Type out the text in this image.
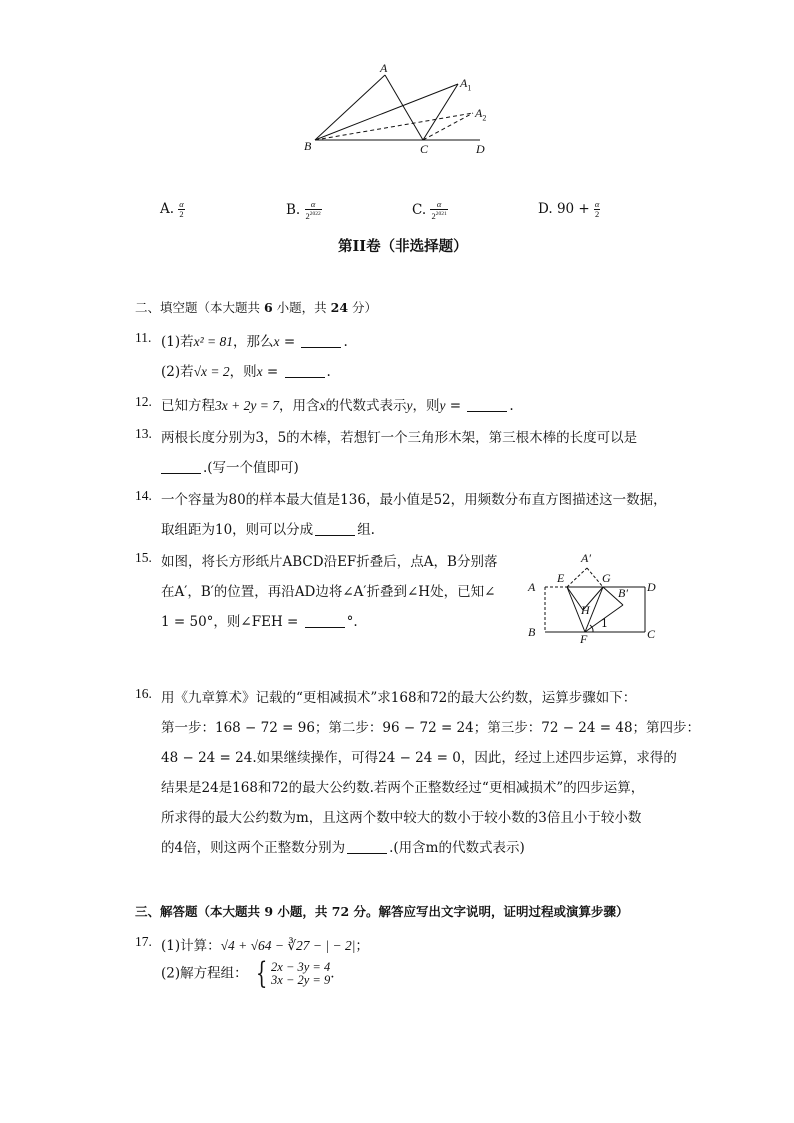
A
$A_1$
$A_2$
B	C	D
A. $\frac{\alpha}{2}$	B. $\frac{\alpha}{2^{2022}}$	C. $\frac{\alpha}{2^{2021}}$	D. $90 + \frac{\alpha}{2}$
第II卷（非选择题）
二、填空题（本大题共 6 小题，共 24 分）
11. (1)若x² = 81，那么x =	.
(2)若√x = 2，则x =	.
12. 已知方程3x + 2y = 7，用含x的代数式表示y，则y =	.
13. 两根长度分别为3，5的木棒，若想钉一个三角形木架，第三根木棒的长度可以是
.(写一个值即可)
14. 一个容量为80的样本最大值是136，最小值是52，用频数分布直方图描述这一数据，
取组距为10，则可以分成	组.
15. 如图，将长方形纸片ABCD沿EF折叠后，点A，B分别落
在A′，B′的位置，再沿AD边将∠A′折叠到∠H处，已知∠
1 = 50°，则∠FEH =	°.
A′
A
E	G
D
H
B′
1
B	F	C
16. 用《九章算术》记载的“更相减损术”求168和72的最大公约数，运算步骤如下：
第一步：168 − 72 = 96；第二步：96 − 72 = 24；第三步：72 − 24 = 48；第四步：
48 − 24 = 24.如果继续操作，可得24 − 24 = 0，因此，经过上述四步运算，求得的
结果是24是168和72的最大公约数.若两个正整数经过“更相减损术”的四步运算，
所求得的最大公约数为m，且这两个数中较大的数小于较小数的3倍且小于较小数
的4倍，则这两个正整数分别为	.(用含m的代数式表示)
三、解答题（本大题共 9 小题，共 72 分。解答应写出文字说明，证明过程或演算步骤）
17. (1)计算：√4 + √64 − ∛27 − | − 2|；
(2)解方程组： { 2x − 3y = 4
3x − 2y = 9 .
